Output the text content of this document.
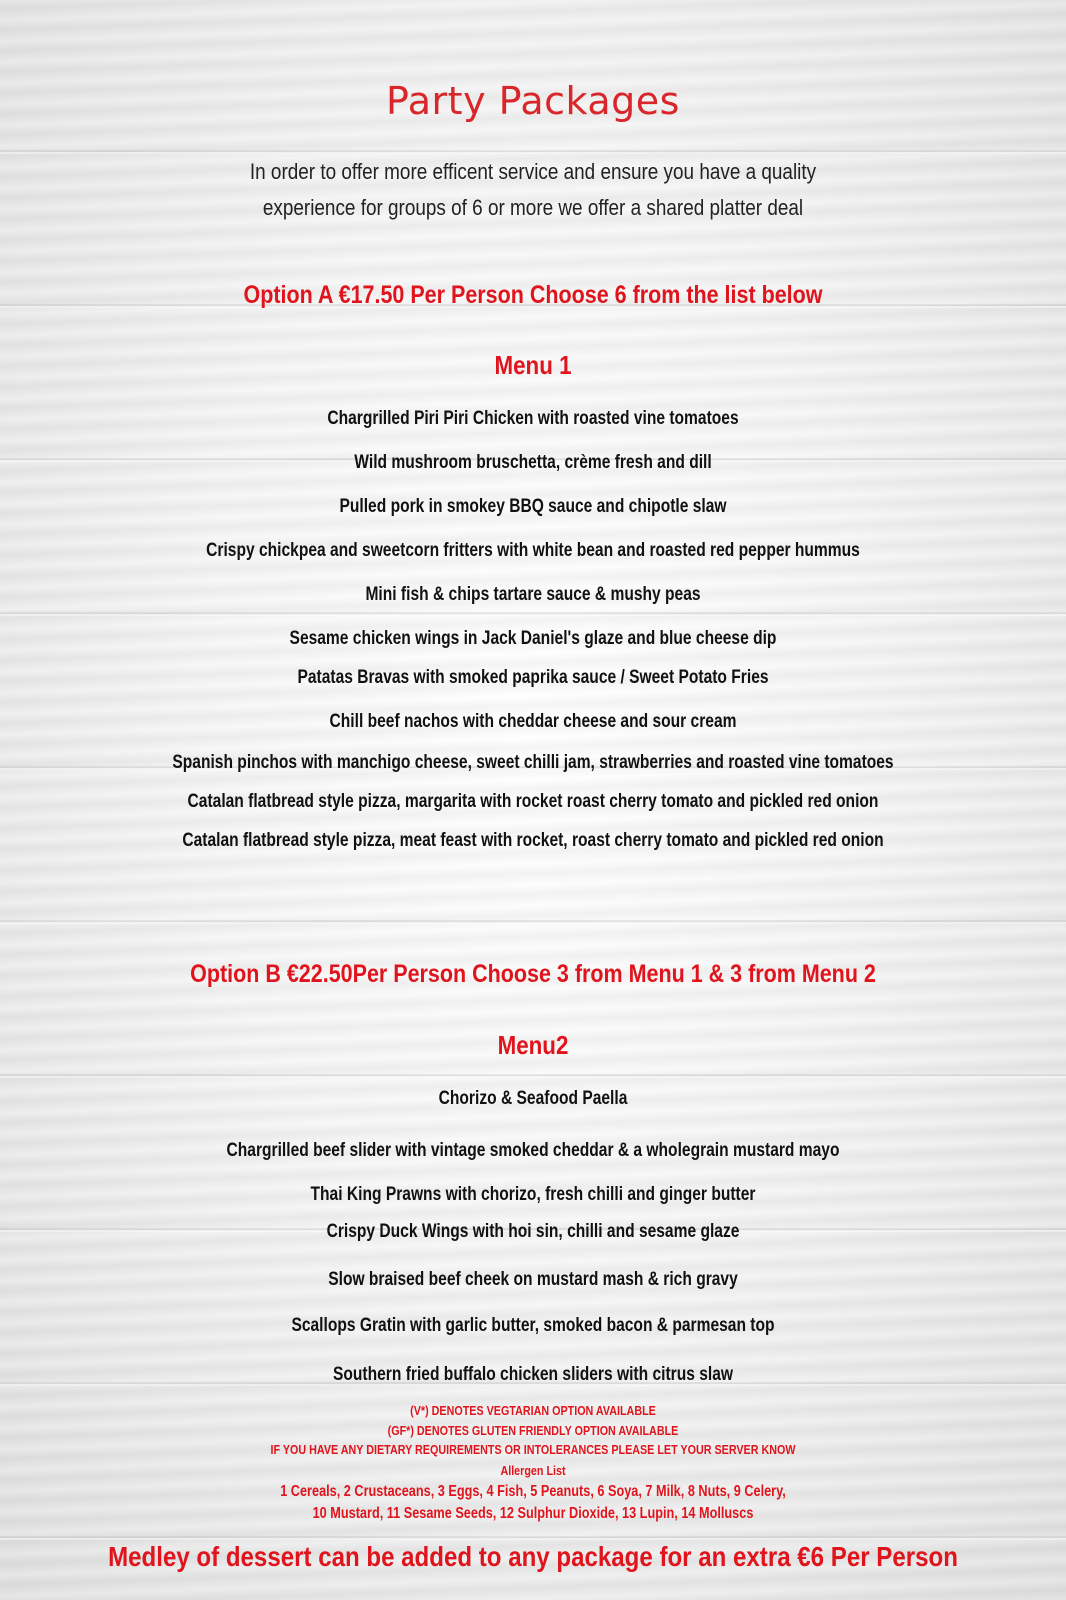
Party Packages
In order to offer more efficent service and ensure you have a quality
experience for groups of 6 or more we offer a shared platter deal
Option A €17.50 Per Person Choose 6 from the list below
Menu 1
Chargrilled Piri Piri Chicken with roasted vine tomatoes
Wild mushroom bruschetta, crème fresh and dill
Pulled pork in smokey BBQ sauce and chipotle slaw
Crispy chickpea and sweetcorn fritters with white bean and roasted red pepper hummus
Mini fish & chips tartare sauce & mushy peas
Sesame chicken wings in Jack Daniel's glaze and blue cheese dip
Patatas Bravas with smoked paprika sauce / Sweet Potato Fries
Chill beef nachos with cheddar cheese and sour cream
Spanish pinchos with manchigo cheese, sweet chilli jam, strawberries and roasted vine tomatoes
Catalan flatbread style pizza, margarita with rocket roast cherry tomato and pickled red onion
Catalan flatbread style pizza, meat feast with rocket, roast cherry tomato and pickled red onion
Option B €22.50Per Person Choose 3 from Menu 1 & 3 from Menu 2
Menu2
Chorizo & Seafood Paella
Chargrilled beef slider with vintage smoked cheddar & a wholegrain mustard mayo
Thai King Prawns with chorizo, fresh chilli and ginger butter
Crispy Duck Wings with hoi sin, chilli and sesame glaze
Slow braised beef cheek on mustard mash & rich gravy
Scallops Gratin with garlic butter, smoked bacon & parmesan top
Southern fried buffalo chicken sliders with citrus slaw
(V*) DENOTES VEGTARIAN OPTION AVAILABLE
(GF*) DENOTES GLUTEN FRIENDLY OPTION AVAILABLE
IF YOU HAVE ANY DIETARY REQUIREMENTS OR INTOLERANCES PLEASE LET YOUR SERVER KNOW
Allergen List
1 Cereals, 2 Crustaceans, 3 Eggs, 4 Fish, 5 Peanuts, 6 Soya, 7 Milk, 8 Nuts, 9 Celery,
10 Mustard, 11 Sesame Seeds, 12 Sulphur Dioxide, 13 Lupin, 14 Molluscs
Medley of dessert can be added to any package for an extra €6 Per Person
